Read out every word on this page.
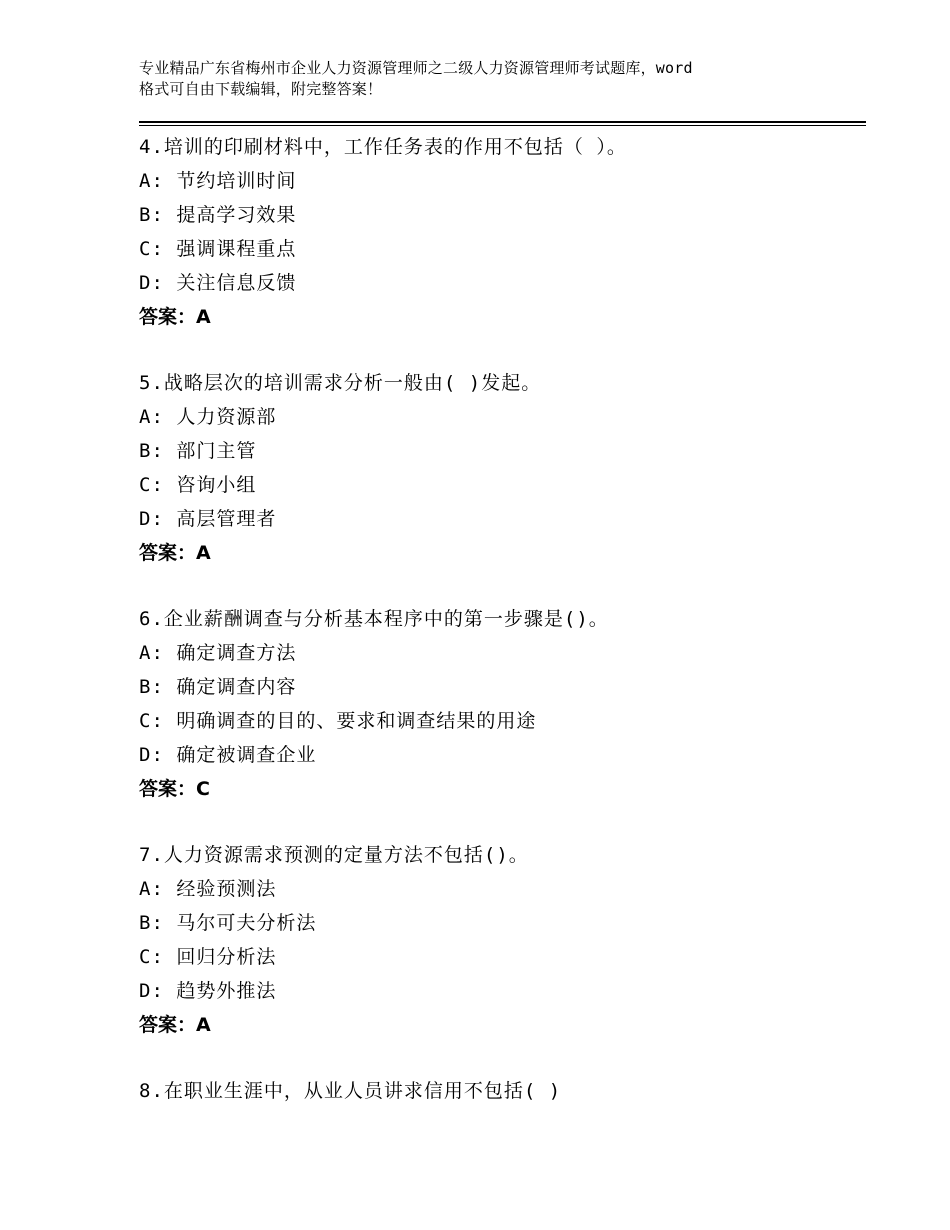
专业精品广东省梅州市企业人力资源管理师之二级人力资源管理师考试题库，word
格式可自由下载编辑，附完整答案！
4.培训的印刷材料中，工作任务表的作用不包括（ ）。
A: 节约培训时间
B: 提高学习效果
C: 强调课程重点
D: 关注信息反馈
答案：A
5.战略层次的培训需求分析一般由( )发起。
A: 人力资源部
B: 部门主管
C: 咨询小组
D: 高层管理者
答案：A
6.企业薪酬调查与分析基本程序中的第一步骤是()。
A: 确定调查方法
B: 确定调查内容
C: 明确调查的目的、要求和调查结果的用途
D: 确定被调查企业
答案：C
7.人力资源需求预测的定量方法不包括()。
A: 经验预测法
B: 马尔可夫分析法
C: 回归分析法
D: 趋势外推法
答案：A
8.在职业生涯中，从业人员讲求信用不包括( )
